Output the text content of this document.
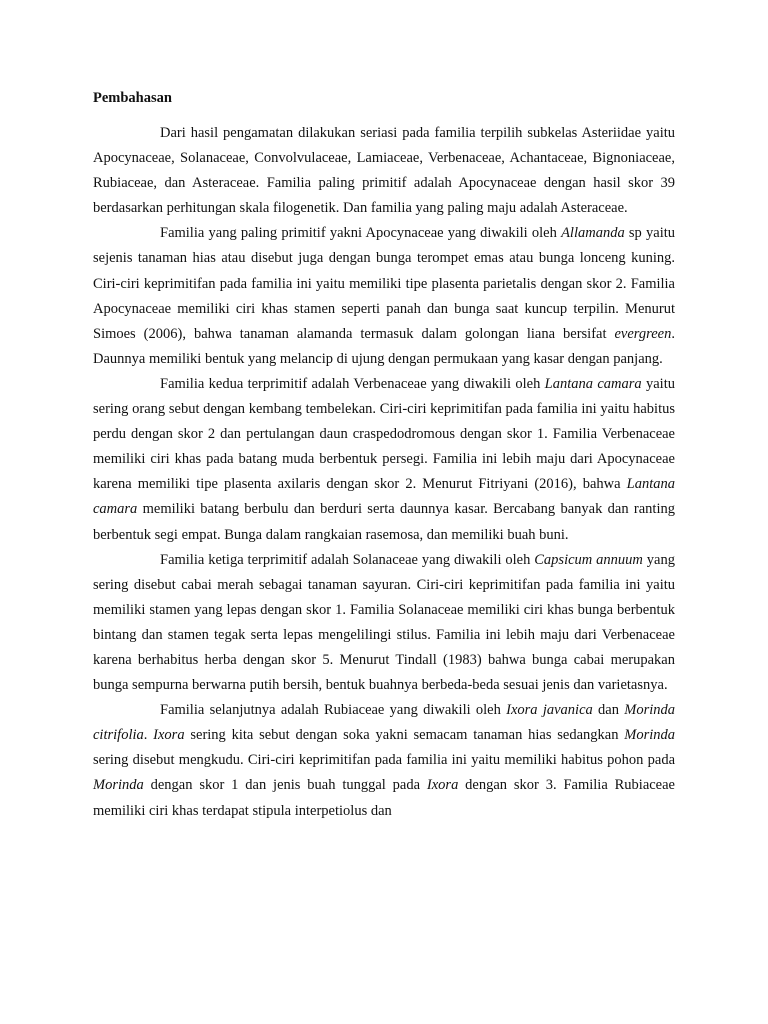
Pembahasan

Dari hasil pengamatan dilakukan seriasi pada familia terpilih subkelas Asteriidae yaitu Apocynaceae, Solanaceae, Convolvulaceae, Lamiaceae, Verbenaceae, Achantaceae, Bignoniaceae, Rubiaceae, dan Asteraceae. Familia paling primitif adalah Apocynaceae dengan hasil skor 39 berdasarkan perhitungan skala filogenetik. Dan familia yang paling maju adalah Asteraceae.

Familia yang paling primitif yakni Apocynaceae yang diwakili oleh Allamanda sp yaitu sejenis tanaman hias atau disebut juga dengan bunga terompet emas atau bunga lonceng kuning. Ciri-ciri keprimitifan pada familia ini yaitu memiliki tipe plasenta parietalis dengan skor 2. Familia Apocynaceae memiliki ciri khas stamen seperti panah dan bunga saat kuncup terpilin. Menurut Simoes (2006), bahwa tanaman alamanda termasuk dalam golongan liana bersifat evergreen. Daunnya memiliki bentuk yang melancip di ujung dengan permukaan yang kasar dengan panjang.

Familia kedua terprimitif adalah Verbenaceae yang diwakili oleh Lantana camara yaitu sering orang sebut dengan kembang tembelekan. Ciri-ciri keprimitifan pada familia ini yaitu habitus perdu dengan skor 2 dan pertulangan daun craspedodromous dengan skor 1. Familia Verbenaceae memiliki ciri khas pada batang muda berbentuk persegi. Familia ini lebih maju dari Apocynaceae karena memiliki tipe plasenta axilaris dengan skor 2. Menurut Fitriyani (2016), bahwa Lantana camara memiliki batang berbulu dan berduri serta daunnya kasar. Bercabang banyak dan ranting berbentuk segi empat. Bunga dalam rangkaian rasemosa, dan memiliki buah buni.

Familia ketiga terprimitif adalah Solanaceae yang diwakili oleh Capsicum annuum yang sering disebut cabai merah sebagai tanaman sayuran. Ciri-ciri keprimitifan pada familia ini yaitu memiliki stamen yang lepas dengan skor 1. Familia Solanaceae memiliki ciri khas bunga berbentuk bintang dan stamen tegak serta lepas mengelilingi stilus. Familia ini lebih maju dari Verbenaceae karena berhabitus herba dengan skor 5. Menurut Tindall (1983) bahwa bunga cabai merupakan bunga sempurna berwarna putih bersih, bentuk buahnya berbeda-beda sesuai jenis dan varietasnya.

Familia selanjutnya adalah Rubiaceae yang diwakili oleh Ixora javanica dan Morinda citrifolia. Ixora sering kita sebut dengan soka yakni semacam tanaman hias sedangkan Morinda sering disebut mengkudu. Ciri-ciri keprimitifan pada familia ini yaitu memiliki habitus pohon pada Morinda dengan skor 1 dan jenis buah tunggal pada Ixora dengan skor 3. Familia Rubiaceae memiliki ciri khas terdapat stipula interpetiolus dan
